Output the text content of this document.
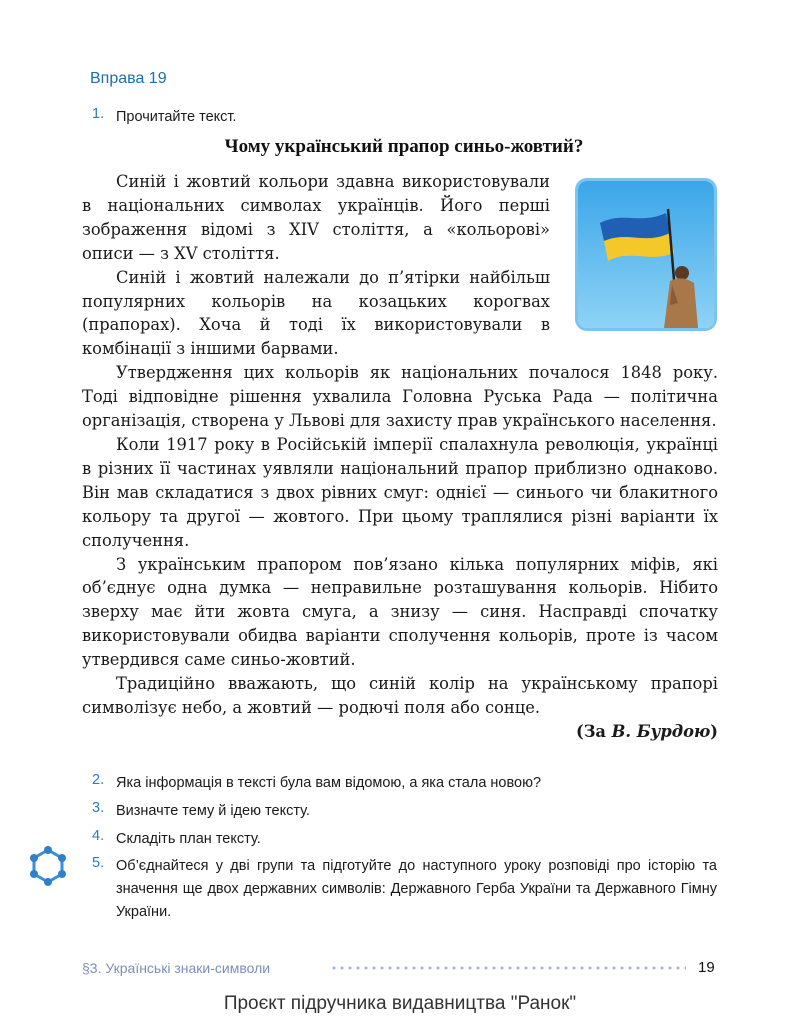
Вправа 19
1. Прочитайте текст.
Чому український прапор синьо-жовтий?

Синій і жовтий кольори здавна використовували в національних символах українців. Його перші зображення відомі з XIV століття, а «кольорові» описи — з XV століття.

Синій і жовтий належали до п’ятірки найбільш популярних кольорів на козацьких корогвах (прапорах). Хоча й тоді їх використовували в комбінації з іншими барвами.

Утвердження цих кольорів як національних почалося 1848 року. Тоді відповідне рішення ухвалила Головна Руська Рада — політична організація, створена у Львові для захисту прав українського населення.

Коли 1917 року в Російській імперії спалахнула революція, українці в різних її частинах уявляли національний прапор приблизно однаково. Він мав складатися з двох рівних смуг: однієї — синього чи блакитного кольору та другої — жовтого. При цьому траплялися різні варіанти їх сполучення.

З українським прапором пов’язано кілька популярних міфів, які об’єднує одна думка — неправильне розташування кольорів. Нібито зверху має йти жовта смуга, а знизу — синя. Насправді спочатку використовували обидва варіанти сполучення кольорів, проте із часом утвердився саме синьо-жовтий.

Традиційно вважають, що синій колір на українському прапорі символізує небо, а жовтий — родючі поля або сонце.

(За В. Бурдою)
2. Яка інформація в тексті була вам відомою, а яка стала новою?
3. Визначте тему й ідею тексту.
4. Складіть план тексту.
5. Об’єднайтеся у дві групи та підготуйте до наступного уроку розповіді про історію та значення ще двох державних символів: Державного Герба України та Державного Гімну України.
§3. Українські знаки-символи	19
Проєкт підручника видавництва "Ранок"
